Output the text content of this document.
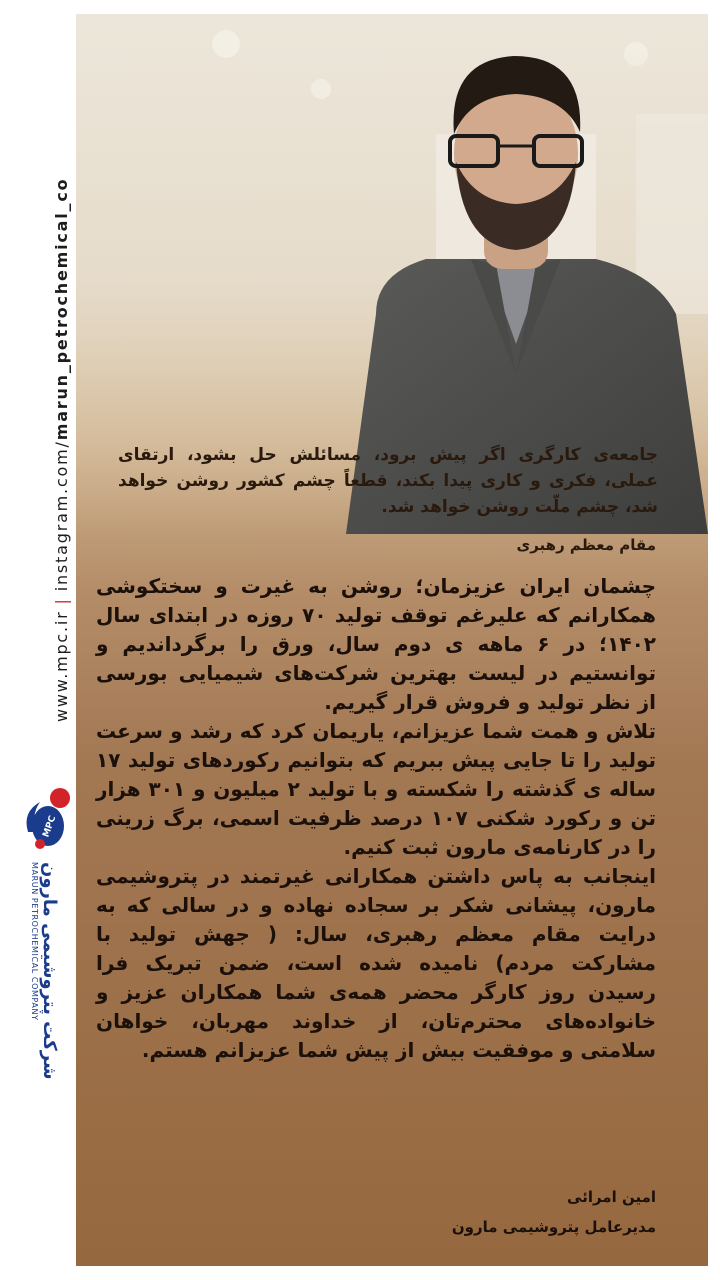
www.mpc.ir|instagram.com/marun_petrochemical_co
MPC
شرکت پتروشیمی مارون
MARUN PETROCHEMICAL COMPANY
جامعه‌ی کارگری اگر پیش برود، مسائلش حل بشود، ارتقای عملی، فکری و کاری پیدا بکند، قطعاً چشم کشور روشن خواهد شد، چشم ملّت روشن خواهد شد.
مقام معظم رهبری

چشمان ایران عزیزمان؛ روشن به غیرت و سختکوشی همکارانم که علیرغم توقف تولید ۷۰ روزه در ابتدای سال ۱۴۰۲؛ در ۶ ماهه ی دوم سال، ورق را برگرداندیم و توانستیم در لیست بهترین شرکت‌های شیمیایی بورسی از نظر تولید و فروش قرار گیریم.

تلاش و همت شما عزیزانم، یاریمان کرد که رشد و سرعت تولید را تا جایی پیش ببریم که بتوانیم رکوردهای تولید ۱۷ ساله ی گذشته را شکسته و با تولید ۲ میلیون و ۳۰۱ هزار تن و رکورد شکنی ۱۰۷ درصد ظرفیت اسمی، برگ زرینی را در کارنامه‌ی مارون ثبت کنیم.

اینجانب به پاس داشتن همکارانی غیرتمند در پتروشیمی مارون، پیشانی شکر بر سجاده نهاده و در سالی که به درایت مقام معظم رهبری، سال: ( جهش تولید با مشارکت مردم) نامیده شده است، ضمن تبریک فرا رسیدن روز کارگر محضر همه‌ی شما همکاران عزیز و خانواده‌های محترم‌تان، از خداوند مهربان، خواهان سلامتی و موفقیت بیش از پیش شما عزیزانم هستم.

امین امرائی
مدیرعامل پتروشیمی مارون
